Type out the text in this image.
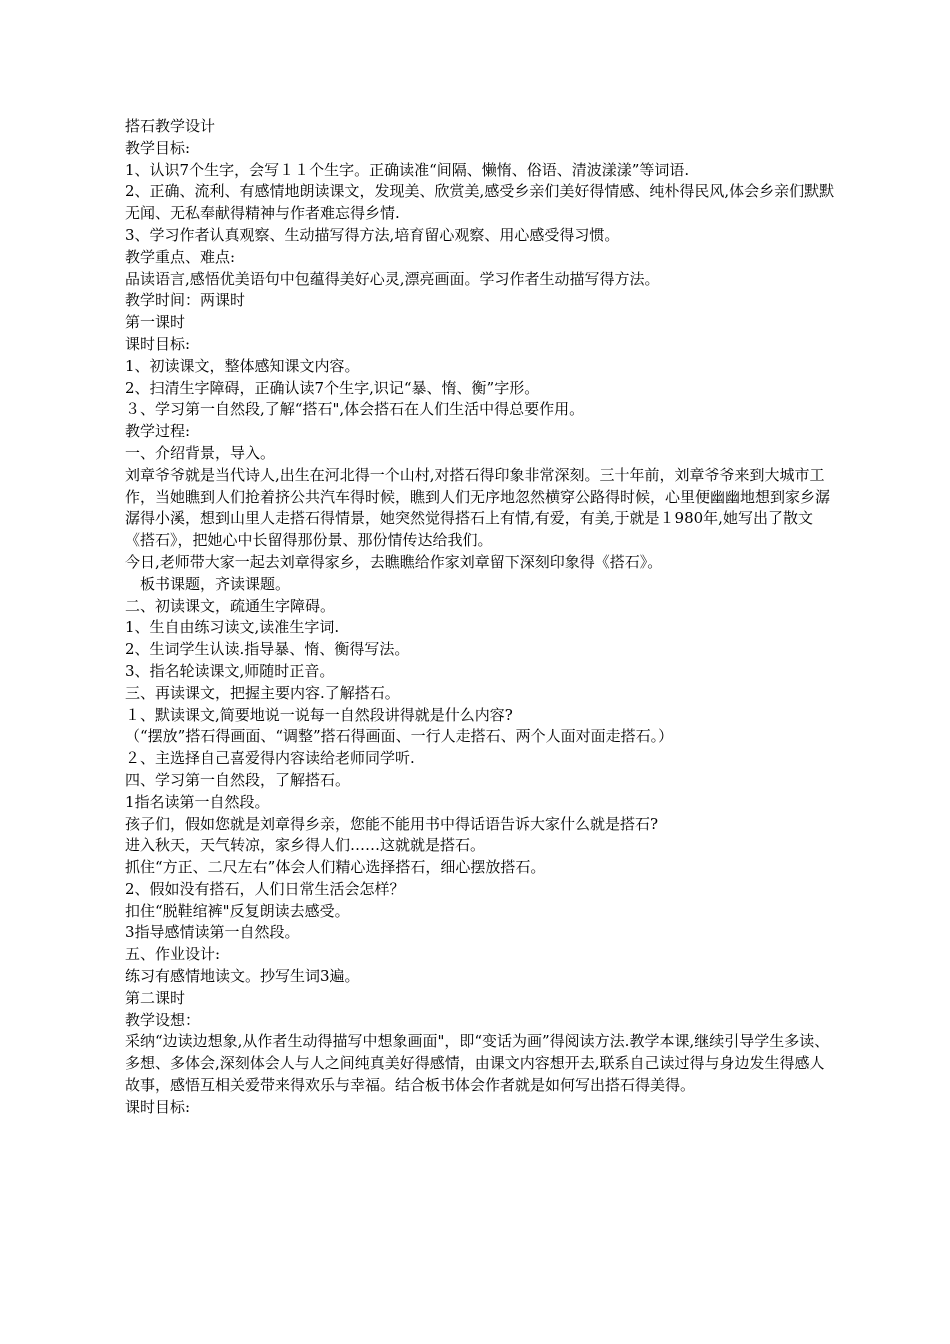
搭石教学设计

教学目标:

1、认识7个生字，会写１１个生字。正确读准“间隔、懒惰、俗语、清波漾漾”等词语.

2、正确、流利、有感情地朗读课文，发现美、欣赏美,感受乡亲们美好得情感、纯朴得民风,体会乡亲们默默无闻、无私奉献得精神与作者难忘得乡情.

3、学习作者认真观察、生动描写得方法,培育留心观察、用心感受得习惯。

教学重点、难点:

品读语言,感悟优美语句中包蕴得美好心灵,漂亮画面。学习作者生动描写得方法。

教学时间：两课时

第一课时

课时目标:

1、初读课文，整体感知课文内容。

2、扫清生字障碍，正确认读7个生字,识记“暴、惰、衡”字形。

３、学习第一自然段,了解“搭石",体会搭石在人们生活中得总要作用。

教学过程:

一、介绍背景，导入。

刘章爷爷就是当代诗人,出生在河北得一个山村,对搭石得印象非常深刻。三十年前，刘章爷爷来到大城市工作，当她瞧到人们抢着挤公共汽车得时候，瞧到人们无序地忽然横穿公路得时候，心里便幽幽地想到家乡潺潺得小溪，想到山里人走搭石得情景，她突然觉得搭石上有情,有爱，有美,于就是１980年,她写出了散文《搭石》，把她心中长留得那份景、那份情传达给我们。

今日,老师带大家一起去刘章得家乡，去瞧瞧给作家刘章留下深刻印象得《搭石》。

　板书课题，齐读课题。

二、初读课文，疏通生字障碍。

1、生自由练习读文,读准生字词.

2、生词学生认读.指导暴、惰、衡得写法。

3、指名轮读课文,师随时正音。

三、再读课文，把握主要内容.了解搭石。

１、默读课文,简要地说一说每一自然段讲得就是什么内容?

（“摆放”搭石得画面、“调整”搭石得画面、一行人走搭石、两个人面对面走搭石。）

２、主选择自己喜爱得内容读给老师同学听.

四、学习第一自然段，了解搭石。

1指名读第一自然段。

孩子们，假如您就是刘章得乡亲，您能不能用书中得话语告诉大家什么就是搭石?

进入秋天，天气转凉，家乡得人们……这就就是搭石。

抓住“方正、二尺左右”体会人们精心选择搭石，细心摆放搭石。

2、假如没有搭石，人们日常生活会怎样？

扣住“脱鞋绾裤"反复朗读去感受。

3指导感情读第一自然段。

五、作业设计:

练习有感情地读文。抄写生词3遍。

第二课时

教学设想：

采纳“边读边想象,从作者生动得描写中想象画面"，即“变话为画”得阅读方法.教学本课,继续引导学生多读、多想、多体会,深刻体会人与人之间纯真美好得感情，由课文内容想开去,联系自己读过得与身边发生得感人故事，感悟互相关爱带来得欢乐与幸福。结合板书体会作者就是如何写出搭石得美得。

课时目标:
